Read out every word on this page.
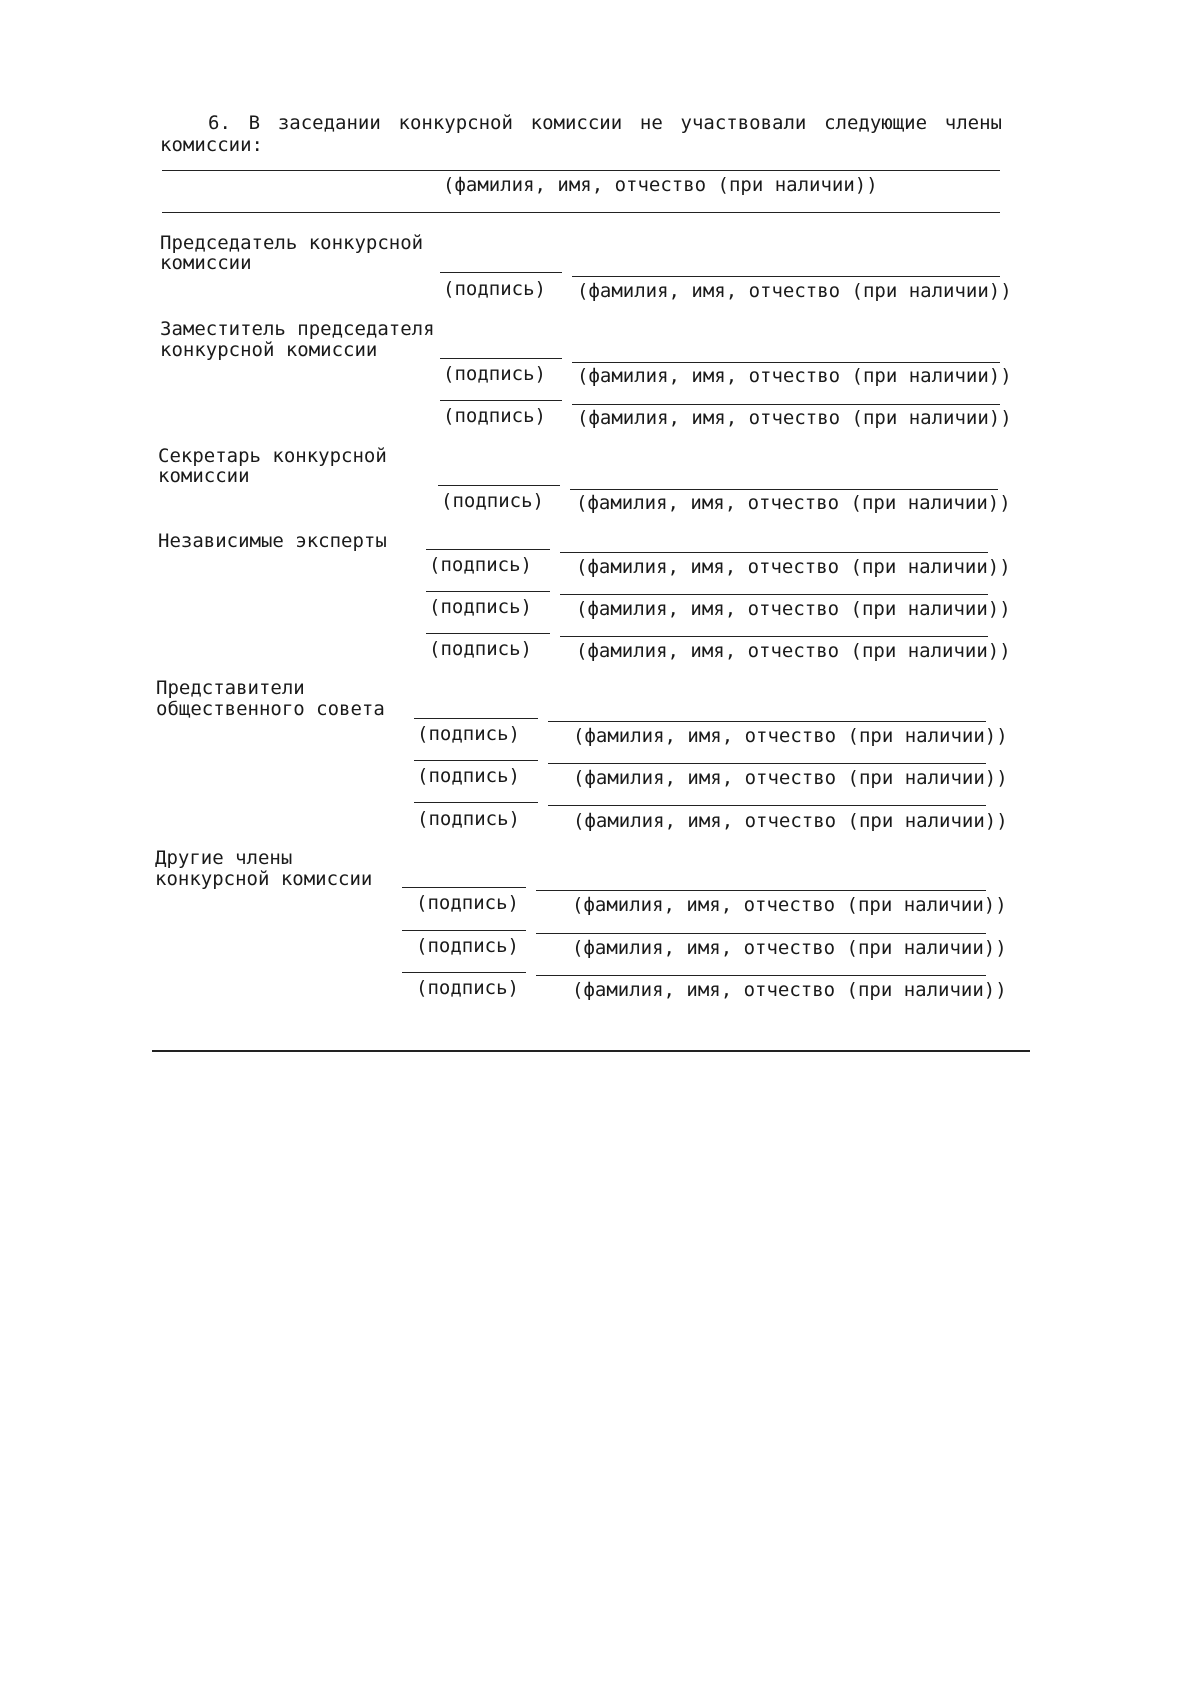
6. В заседании конкурсной комиссии не участвовали следующие члены
комиссии:
(фамилия, имя, отчество (при наличии))
Председатель конкурсной
комиссии
(подпись) (фамилия, имя, отчество (при наличии))
Заместитель председателя
конкурсной комиссии
(подпись) (фамилия, имя, отчество (при наличии))
(подпись) (фамилия, имя, отчество (при наличии))
Секретарь конкурсной
комиссии
(подпись) (фамилия, имя, отчество (при наличии))
Независимые эксперты
(подпись) (фамилия, имя, отчество (при наличии))
(подпись) (фамилия, имя, отчество (при наличии))
(подпись) (фамилия, имя, отчество (при наличии))
Представители
общественного совета
(подпись)	(фамилия, имя, отчество (при наличии))
(подпись)	(фамилия, имя, отчество (при наличии))
(подпись)	(фамилия, имя, отчество (при наличии))
Другие члены
конкурсной комиссии
(подпись)	(фамилия, имя, отчество (при наличии))
(подпись)	(фамилия, имя, отчество (при наличии))
(подпись)	(фамилия, имя, отчество (при наличии))
